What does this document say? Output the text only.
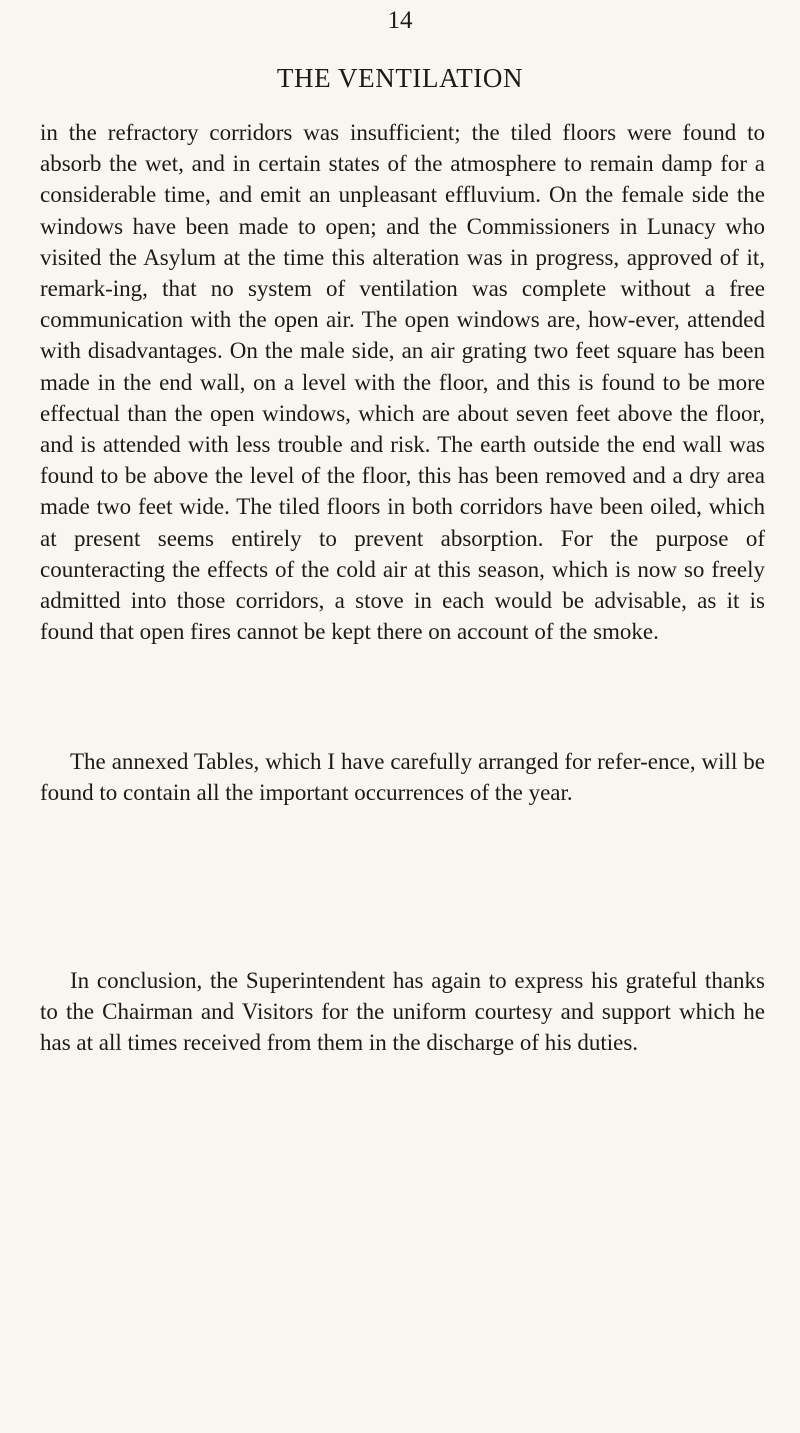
14
THE VENTILATION

in the refractory corridors was insufficient; the tiled floors were found to absorb the wet, and in certain states of the atmosphere to remain damp for a considerable time, and emit an unpleasant effluvium. On the female side the windows have been made to open; and the Commissioners in Lunacy who visited the Asylum at the time this alteration was in progress, approved of it, remark-ing, that no system of ventilation was complete without a free communication with the open air. The open windows are, how-ever, attended with disadvantages. On the male side, an air grating two feet square has been made in the end wall, on a level with the floor, and this is found to be more effectual than the open windows, which are about seven feet above the floor, and is attended with less trouble and risk. The earth outside the end wall was found to be above the level of the floor, this has been removed and a dry area made two feet wide. The tiled floors in both corridors have been oiled, which at present seems entirely to prevent absorption. For the purpose of counteracting the effects of the cold air at this season, which is now so freely admitted into those corridors, a stove in each would be advisable, as it is found that open fires cannot be kept there on account of the smoke.

The annexed Tables, which I have carefully arranged for refer-ence, will be found to contain all the important occurrences of the year.

In conclusion, the Superintendent has again to express his grateful thanks to the Chairman and Visitors for the uniform courtesy and support which he has at all times received from them in the discharge of his duties.
